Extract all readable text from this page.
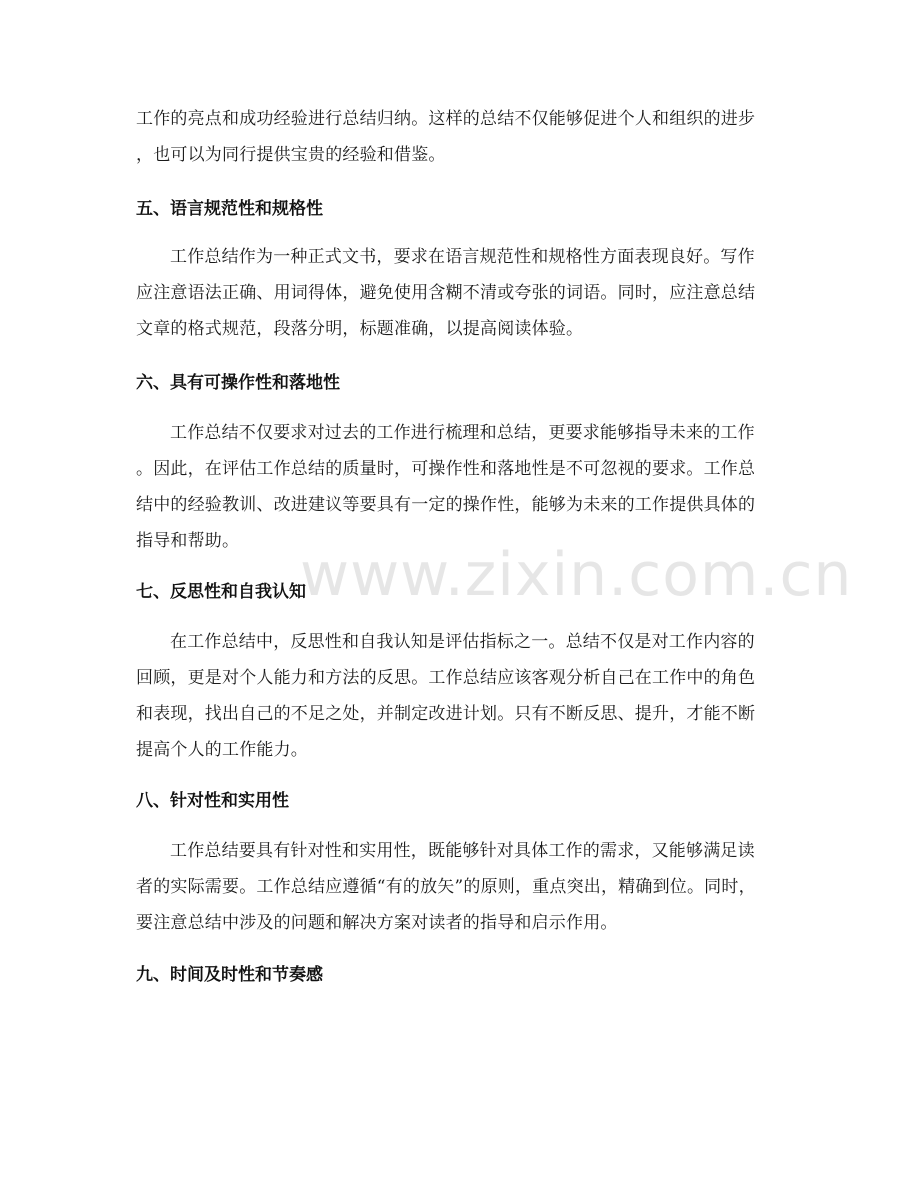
www.zixin.com.cn
工作的亮点和成功经验进行总结归纳。这样的总结不仅能够促进个人和组织的进步
，也可以为同行提供宝贵的经验和借鉴。
五、语言规范性和规格性
工作总结作为一种正式文书，要求在语言规范性和规格性方面表现良好。写作
应注意语法正确、用词得体，避免使用含糊不清或夸张的词语。同时，应注意总结
文章的格式规范，段落分明，标题准确，以提高阅读体验。
六、具有可操作性和落地性
工作总结不仅要求对过去的工作进行梳理和总结，更要求能够指导未来的工作
。因此，在评估工作总结的质量时，可操作性和落地性是不可忽视的要求。工作总
结中的经验教训、改进建议等要具有一定的操作性，能够为未来的工作提供具体的
指导和帮助。
七、反思性和自我认知
在工作总结中，反思性和自我认知是评估指标之一。总结不仅是对工作内容的
回顾，更是对个人能力和方法的反思。工作总结应该客观分析自己在工作中的角色
和表现，找出自己的不足之处，并制定改进计划。只有不断反思、提升，才能不断
提高个人的工作能力。
八、针对性和实用性
工作总结要具有针对性和实用性，既能够针对具体工作的需求，又能够满足读
者的实际需要。工作总结应遵循“有的放矢”的原则，重点突出，精确到位。同时，
要注意总结中涉及的问题和解决方案对读者的指导和启示作用。
九、时间及时性和节奏感
